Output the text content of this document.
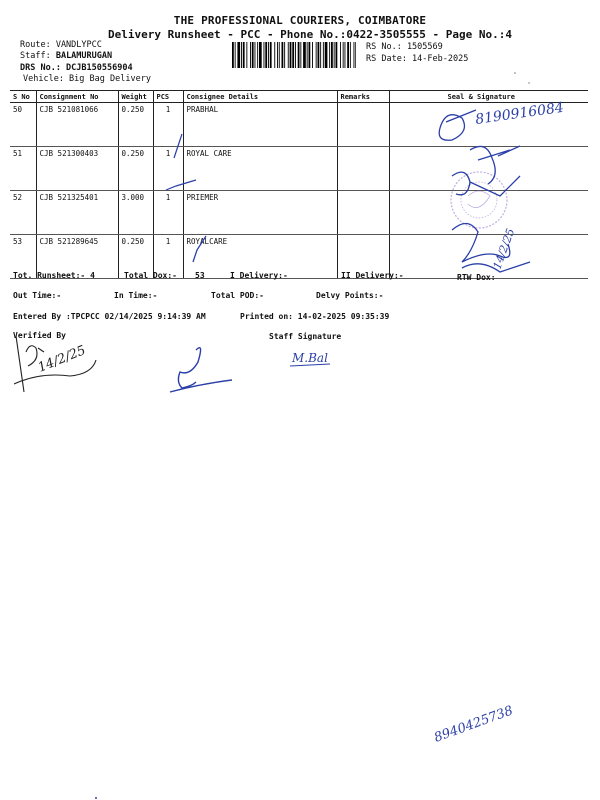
THE PROFESSIONAL COURIERS, COIMBATORE
Delivery Runsheet - PCC - Phone No.:0422-3505555 - Page No.:4
Route: VANDLYPCC
Staff: BALAMURUGAN
DRS No.: DCJB150556904
Vehicle: Big Bag Delivery
RS No.: 1505569
RS Date: 14-Feb-2025
S No	Consignment No	Weight	PCS	Consignee Details	Remarks	Seal & Signature
50	CJB 521081066	0.250	1	PRABHAL		
51	CJB 521300403	0.250	1	ROYAL CARE		
52	CJB 521325401	3.000	1	PRIEMER		
53	CJB 521289645	0.250	1	ROYALCARE		
Tot. Runsheet:- 4	Total Dox:- 53	I Delivery:-	II Delivery:-	RTW Dox:
Out Time:-	In Time:-	Total POD:-	Delvy Points:-
Entered By :TPCPCC 02/14/2025 9:14:39 AM	Printed on: 14-02-2025 09:35:39
Verified By	Staff Signature
8190916084
14/2/25
14/2/25	M.Bal
8940425738
